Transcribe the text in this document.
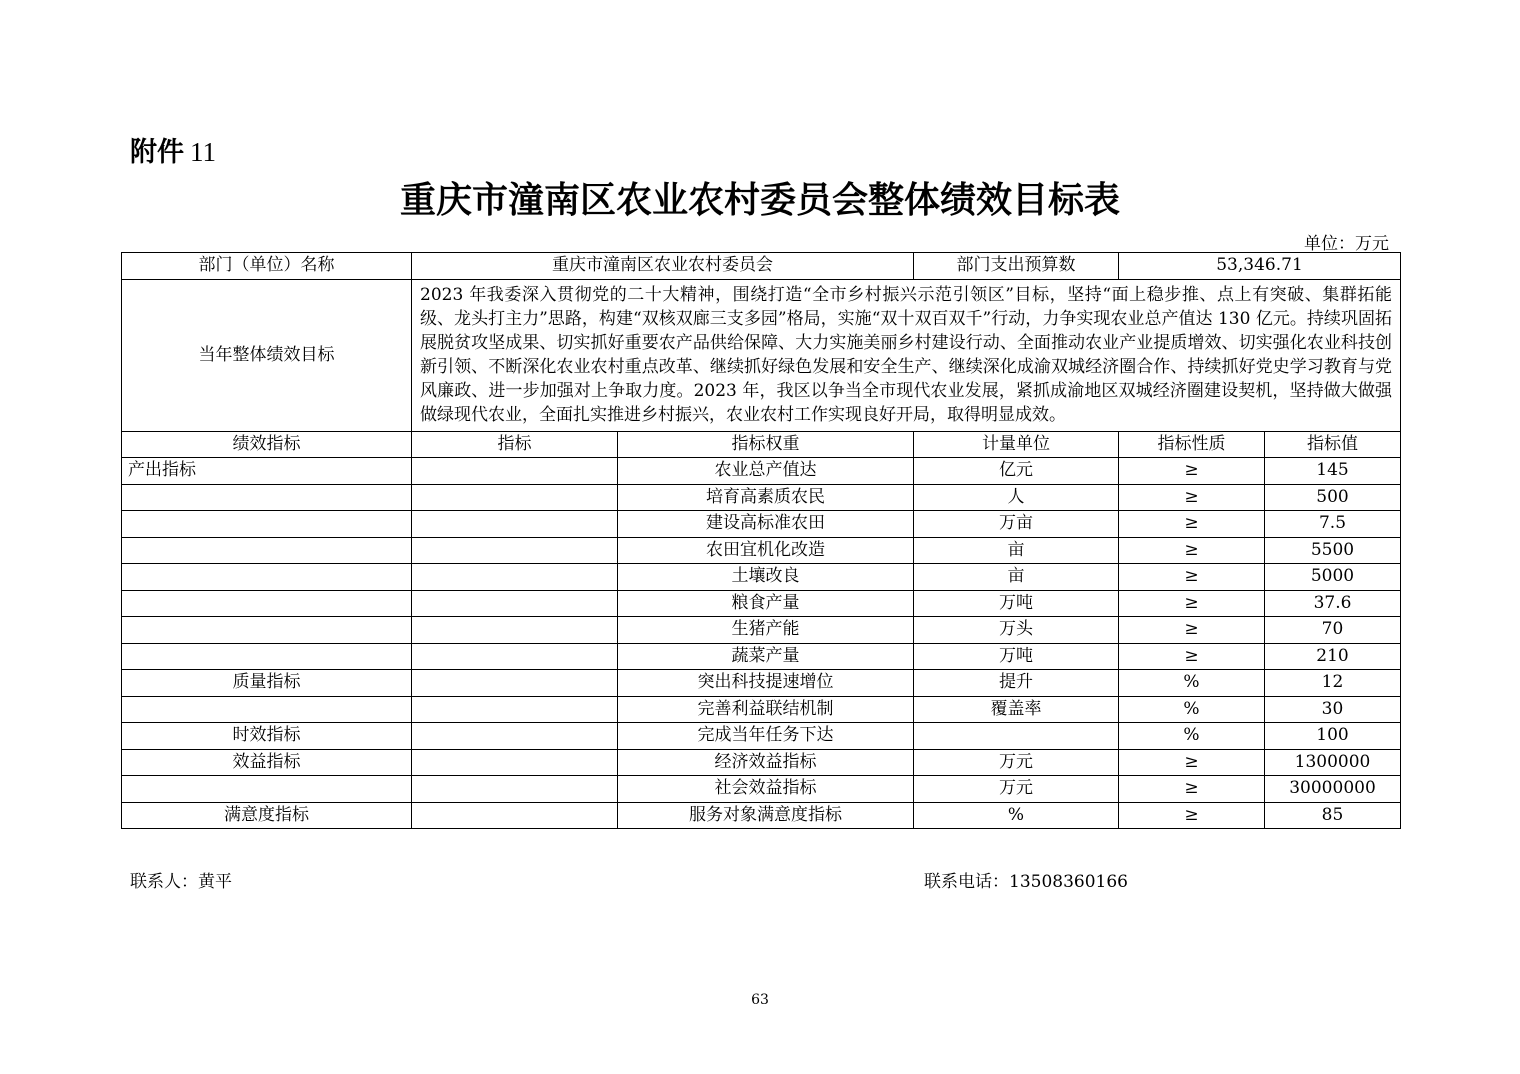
附件 11
重庆市潼南区农业农村委员会整体绩效目标表
单位：万元
部门（单位）名称	重庆市潼南区农业农村委员会		部门支出预算数	53,346.71	
当年整体绩效目标	2023 年我委深入贯彻党的二十大精神，围绕打造“全市乡村振兴示范引领区”目标，坚持“面上稳步推、点上有突破、集群拓能级、龙头打主力”思路，构建“双核双廊三支多园”格局，实施“双十双百双千”行动，力争实现农业总产值达 130 亿元。持续巩固拓展脱贫攻坚成果、切实抓好重要农产品供给保障、大力实施美丽乡村建设行动、全面推动农业产业提质增效、切实强化农业科技创新引领、不断深化农业农村重点改革、继续抓好绿色发展和安全生产、继续深化成渝双城经济圈合作、持续抓好党史学习教育与党风廉政、进一步加强对上争取力度。2023 年，我区以争当全市现代农业发展，紧抓成渝地区双城经济圈建设契机，坚持做大做强做绿现代农业，全面扎实推进乡村振兴，农业农村工作实现良好开局，取得明显成效。				
绩效指标	指标	指标权重	计量单位	指标性质	指标值
产出指标		农业总产值达	亿元	≥	145
		培育高素质农民	人	≥	500
		建设高标准农田	万亩	≥	7.5
		农田宜机化改造	亩	≥	5500
		土壤改良	亩	≥	5000
		粮食产量	万吨	≥	37.6
		生猪产能	万头	≥	70
		蔬菜产量	万吨	≥	210
质量指标		突出科技提速增位	提升	%	12
		完善利益联结机制	覆盖率	%	30
时效指标		完成当年任务下达		%	100
效益指标		经济效益指标	万元	≥	1300000
		社会效益指标	万元	≥	30000000
满意度指标		服务对象满意度指标	%	≥	85
联系人：黄平	联系电话：13508360166
63
